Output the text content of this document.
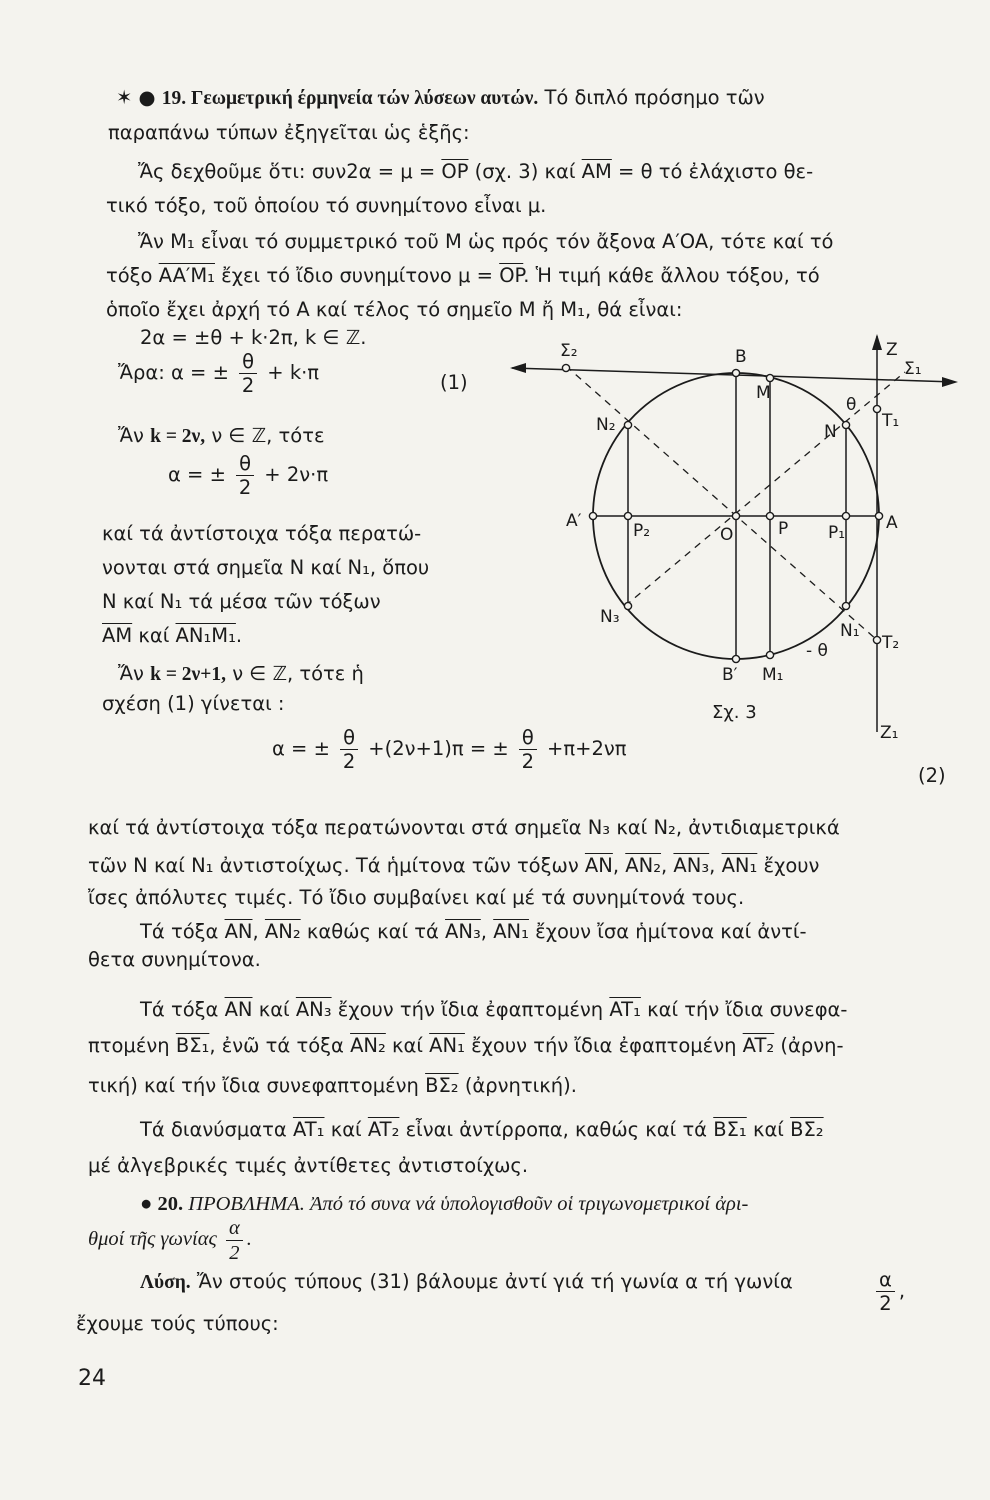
✶ ● 19. Γεωμετρική έρμηνεία τών λύσεων αυτών. Τό διπλό πρόσημο τῶν
παραπάνω τύπων ἐξηγεῖται ὡς ἑξῆς:
Ἄς δεχθοῦμε ὅτι: $\sigma\upsilon\nu 2\alpha = \mu = \overline{OP}$ (σχ. 3) καί $\overline{AM} = \theta$ τό ἐλάχιστο θε-
τικό τόξο, τοῦ ὁποίου τό συνημίτονο εἶναι μ.
Ἄν M₁ εἶναι τό συμμετρικό τοῦ M ὡς πρός τόν ἄξονα A′OA, τότε καί τό
τόξο AA′M₁ ἔχει τό ἴδιο συνημίτονο $\mu = \overline{OP}$. Ἡ τιμή κάθε ἄλλου τόξου, τό
ὁποῖο ἔχει ἀρχή τό A καί τέλος τό σημεῖο M ἤ M₁, θά εἶναι:
2α = ±θ + k·2π, k ∈ ℤ.
Ἄρα: α = ± $\frac{\theta}{2} + k\cdot\pi$	(1)
Ἄν k = 2ν, ν ∈ ℤ, τότε
α = ± $\frac{\theta}{2} + 2\nu\cdot\pi$
καί τά ἀντίστοιχα τόξα περατώ-
νονται στά σημεῖα N καί N₁, ὅπου
N καί N₁ τά μέσα τῶν τόξων
$\overline{AM}$ καί AN₁M₁.
Ἄν k = 2ν+1, ν ∈ ℤ, τότε ἡ
σχέση (1) γίνεται :
α = ± $\frac{\theta}{2} +(2\nu+1)\pi$ = ± $\frac{\theta}{2} +\pi+2\nu\pi$
(2)
καί τά ἀντίστοιχα τόξα περατώνονται στά σημεῖα N₃ καί N₂, ἀντιδιαμετρικά
τῶν N καί N₁ ἀντιστοίχως. Τά ἡμίτονα τῶν τόξων $\overline{AN}$, AN₂, AN₃, AN₁ ἔχουν
ἴσες ἀπόλυτες τιμές. Τό ἴδιο συμβαίνει καί μέ τά συνημίτονά τους.
Τά τόξα $\overline{AN}$, AN₂ καθώς καί τά AN₃, AN₁ ἔχουν ἴσα ἡμίτονα καί ἀντί-
θετα συνημίτονα.
Τά τόξα $\overline{AN}$ καί AN₃ ἔχουν τήν ἴδια ἐφαπτομένη AT₁ καί τήν ἴδια συνεφα-
πτομένη BΣ₁, ἐνῶ τά τόξα AN₂ καί AN₁ ἔχουν τήν ἴδια ἐφαπτομένη AT₂ (ἀρνη-
τική) καί τήν ἴδια συνεφαπτομένη BΣ₂ (ἀρνητική).
Τά διανύσματα AT₁ καί AT₂ εἶναι ἀντίρροπα, καθώς καί τά BΣ₁ καί BΣ₂
μέ ἀλγεβρικές τιμές ἀντίθετες ἀντιστοίχως.
● 20. ΠΡΟΒΛΗΜΑ. Ἀπό τό συνα νά ὑπολογισθοῦν οἱ τριγωνομετρικοί ἀρι-
θμοί τῆς γωνίας $\frac{\alpha}{2}$ .
Λύση. Ἄν στούς τύπους (31) βάλουμε ἀντί γιά τή γωνία α τή γωνία	$\frac{\alpha}{2}$ ,
ἔχουμε τούς τύπους:
24
Z
Z₁
Σ₁
Σ₂	B
M
θ
T₁
N
N₂
A
A′
O	P P₁
P₂
N₃
N₁
- θ	T₂
B′ M₁
Σχ. 3
